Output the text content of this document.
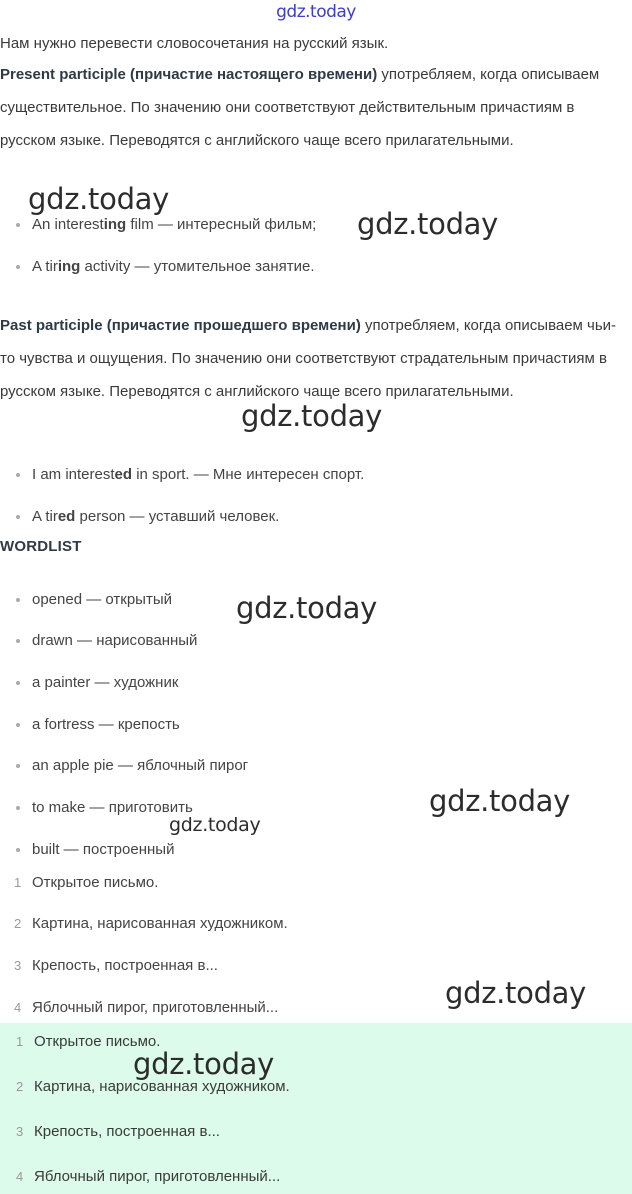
gdz.today

Нам нужно перевести словосочетания на русский язык.

Present participle (причастие настоящего времени) употребляем, когда описываем существительное. По значению они соответствуют действительным причастиям в русском языке. Переводятся с английского чаще всего прилагательными.

An interesting film — интересный фильм;
A tiring activity — утомительное занятие.

Past participle (причастие прошедшего времени) употребляем, когда описываем чьи-то чувства и ощущения. По значению они соответствуют страдательным причастиям в русском языке. Переводятся с английского чаще всего прилагательными.

I am interested in sport. — Мне интересен спорт.
A tired person — уставший человек.
WORDLIST
opened — открытый
drawn — нарисованный
a painter — художник
a fortress — крепость
an apple pie — яблочный пирог
to make — приготовить
built — построенный
1 Открытое письмо.
2 Картина, нарисованная художником.
3 Крепость, построенная в...
4 Яблочный пирог, приготовленный...
1 Открытое письмо.
2 Картина, нарисованная художником.
3 Крепость, построенная в...
4 Яблочный пирог, приготовленный...
gdz.today
gdz.today
gdz.today
gdz.today
gdz.today
gdz.today
gdz.today
gdz.today
